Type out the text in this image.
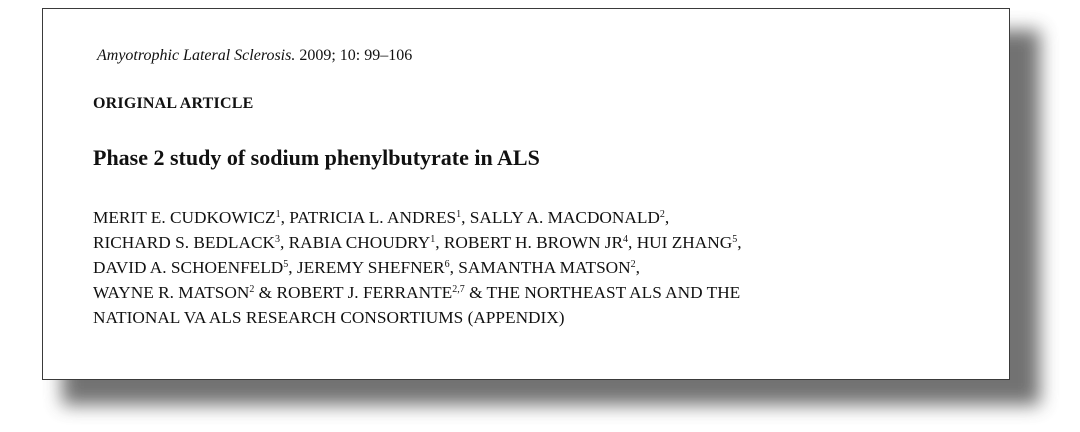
Amyotrophic Lateral Sclerosis. 2009; 10: 99–106
ORIGINAL ARTICLE
Phase 2 study of sodium phenylbutyrate in ALS
MERIT E. CUDKOWICZ$^1$, PATRICIA L. ANDRES$^1$, SALLY A. MACDONALD$^2$,
RICHARD S. BEDLACK$^3$, RABIA CHOUDRY$^1$, ROBERT H. BROWN $JR^4$, HUI ZHANG$^5$,
DAVID A. SCHOENFELD$^5$, JEREMY SHEFNER$^6$, SAMANTHA MATSON$^2$,
WAYNE R. MATSON$^2$ & ROBERT J. FERRANTE$^{2,7}$ & THE NORTHEAST ALS AND THE
NATIONAL VA ALS RESEARCH CONSORTIUMS (APPENDIX)
